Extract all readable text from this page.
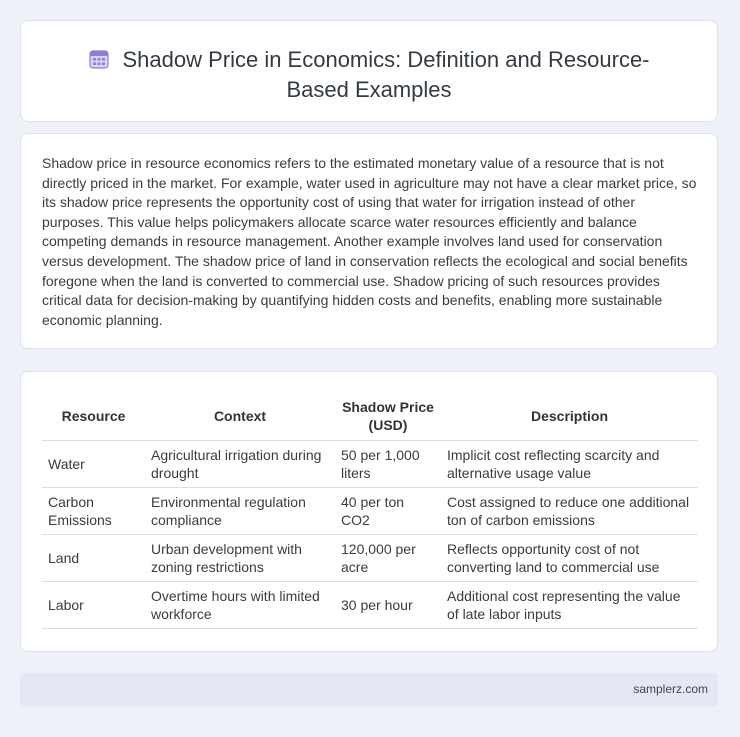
Shadow Price in Economics: Definition and Resource-Based Examples
Shadow price in resource economics refers to the estimated monetary value of a resource that is not directly priced in the market. For example, water used in agriculture may not have a clear market price, so its shadow price represents the opportunity cost of using that water for irrigation instead of other purposes. This value helps policymakers allocate scarce water resources efficiently and balance competing demands in resource management. Another example involves land used for conservation versus development. The shadow price of land in conservation reflects the ecological and social benefits foregone when the land is converted to commercial use. Shadow pricing of such resources provides critical data for decision-making by quantifying hidden costs and benefits, enabling more sustainable economic planning.
Resource	Context	Shadow Price (USD)	Description
Water	Agricultural irrigation during drought	50 per 1,000 liters	Implicit cost reflecting scarcity and alternative usage value
Carbon Emissions	Environmental regulation compliance	40 per ton CO2	Cost assigned to reduce one additional ton of carbon emissions
Land	Urban development with zoning restrictions	120,000 per acre	Reflects opportunity cost of not converting land to commercial use
Labor	Overtime hours with limited workforce	30 per hour	Additional cost representing the value of late labor inputs
samplerz.com
